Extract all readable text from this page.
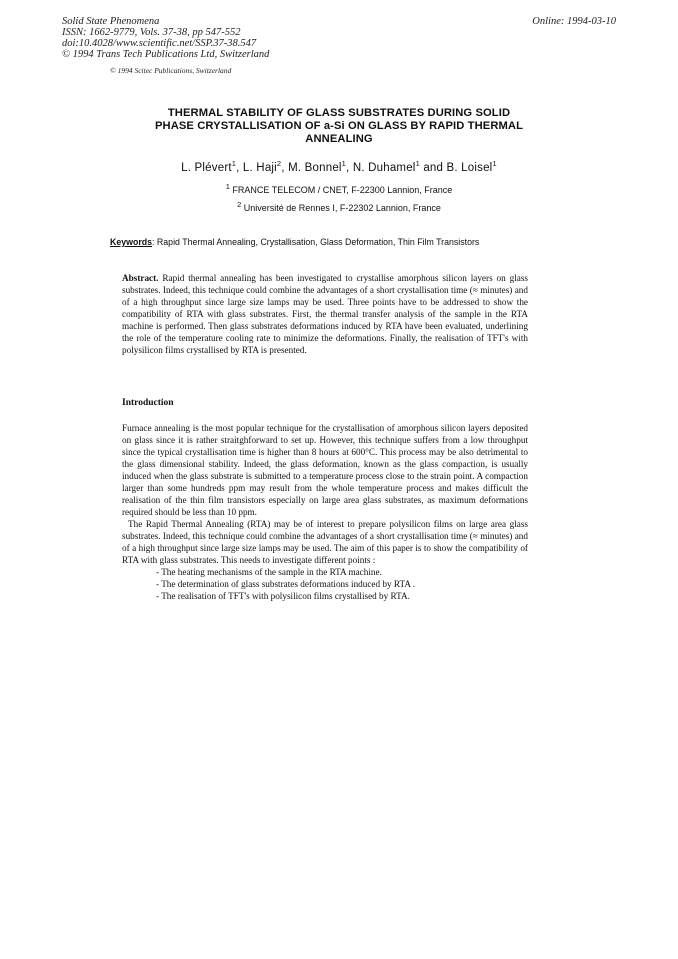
Solid State Phenomena
ISSN: 1662-9779, Vols. 37-38, pp 547-552
doi:10.4028/www.scientific.net/SSP.37-38.547
© 1994 Trans Tech Publications Ltd, Switzerland
Online: 1994-03-10
© 1994 Scitec Publications, Switzerland
THERMAL STABILITY OF GLASS SUBSTRATES DURING SOLID
PHASE CRYSTALLISATION OF a-Si ON GLASS BY RAPID THERMAL
ANNEALING
L. Plévert$^1$, L. Haji$^2$, M. Bonnel$^1$, N. Duhamel$^1$ and B. Loisel$^1$
$^1$ FRANCE TELECOM / CNET, F-22300 Lannion, France
$^2$ Université de Rennes I, F-22302 Lannion, France
Keywords: Rapid Thermal Annealing, Crystallisation, Glass Deformation, Thin Film Transistors

Abstract. Rapid thermal annealing has been investigated to crystallise amorphous silicon layers on glass substrates. Indeed, this technique could combine the advantages of a short crystallisation time (≈ minutes) and of a high throughput since large size lamps may be used. Three points have to be addressed to show the compatibility of RTA with glass substrates. First, the thermal transfer analysis of the sample in the RTA machine is performed. Then glass substrates deformations induced by RTA have been evaluated, underlining the role of the temperature cooling rate to minimize the deformations. Finally, the realisation of TFT's with polysilicon films crystallised by RTA is presented.

Introduction

Furnace annealing is the most popular technique for the crystallisation of amorphous silicon layers deposited on glass since it is rather straitghforward to set up. However, this technique suffers from a low throughput since the typical crystallisation time is higher than 8 hours at 600°C. This process may be also detrimental to the glass dimensional stability. Indeed, the glass deformation, known as the glass compaction, is usually induced when the glass substrate is submitted to a temperature process close to the strain point. A compaction larger than some hundreds ppm may result from the whole temperature process and makes difficult the realisation of the thin film transistors especially on large area glass substrates, as maximum deformations required should be less than 10 ppm.

The Rapid Thermal Annealing (RTA) may be of interest to prepare polysilicon films on large area glass substrates. Indeed, this technique could combine the advantages of a short crystallisation time (≈ minutes) and of a high throughput since large size lamps may be used. The aim of this paper is to show the compatibility of RTA with glass substrates. This needs to investigate different points :

- The heating mechanisms of the sample in the RTA machine.

- The determination of glass substrates deformations induced by RTA .

- The realisation of TFT's with polysilicon films crystallised by RTA.
